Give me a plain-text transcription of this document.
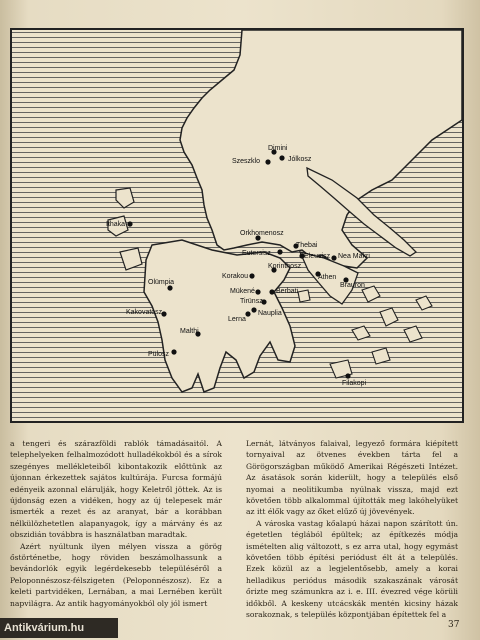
Dimini
Szeszklo	Jólkosz
Ithaka
Orkhomenosz
Thebai
Eutersisz	Eleusisz Nea Makri
Korakou
Korinthosz
Athen
Brauron
Olümpia
Mükené	Berbati
Tirünsz
Kakovatosz
Lerna
Nauplia
Malthi
Pülosz
Filakopi

a tengeri és szárazföldi rablók támadásaitól. A telephelyeken felhalmozódott hulladékokból és a sírok szegényes mellékleteiből kibontakozik előttünk az újonnan érkezettek sajátos kultúrája. Furcsa formájú edényeik azonnal elárulják, hogy Keletről jöttek. Az is újdonság ezen a vidéken, hogy az új telepesek már ismerték a rezet és az aranyat, bár a korábban nélkülözhetetlen alapanyagok, így a márvány és az obszidián továbbra is használatban maradtak.

Azért nyúltunk ilyen mélyen vissza a görög őstörténetbe, hogy röviden beszámolhassunk a bevándorlók egyik legérdekesebb településéről a Peloponnészosz-félszigeten (Peloponnészosz). Ez a keleti partvidéken, Lernában, a mai Lernében került napvilágra. Az antik hagyományokból oly jól ismert

Lernát, látványos falaival, legyező formára kiépített tornyaival az ötvenes években tárta fel a Görögországban működő Amerikai Régészeti Intézet. Az ásatások során kiderült, hogy a település első nyomai a neolitikumba nyúlnak vissza, majd ezt követően több alkalommal újították meg lakóhelyüket az itt élők vagy az őket elűző új jövevények.

A városka vastag kőalapú házai napon szárított ún. égetetlen téglából épültek; az építkezés módja ismételten alig változott, s ez arra utal, hogy egymást követően több építési periódust élt át a település. Ezek közül az a legjelentősebb, amely a korai helladikus periódus második szakaszának városát őrizte meg számunkra az i. e. III. évezred vége körüli időkből. A keskeny utcácskák mentén kicsiny házak sorakoznak, s település központjában építettek fel a

37
Antikvárium.hu
